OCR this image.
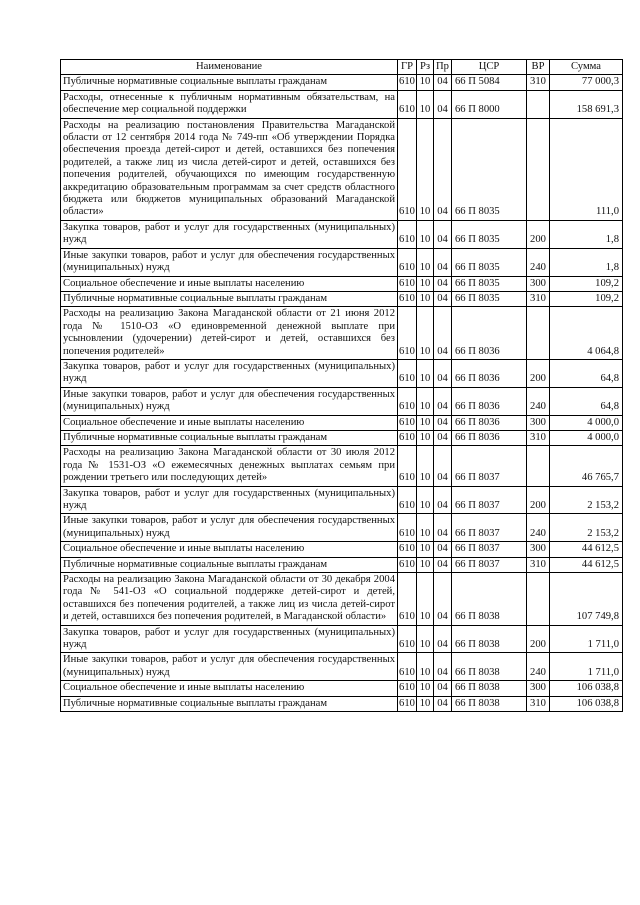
Наименование	ГР	Рз	Пр	ЦСР	ВР	Сумма
Публичные нормативные социальные выплаты гражданам	610	10	04	66 П 5084	310	77 000,3
Расходы, отнесенные к публичным нормативным обязательствам, на обеспечение мер социальной поддержки	610	10	04	66 П 8000		158 691,3
Расходы на реализацию постановления Правительства Магаданской области от 12 сентября 2014 года № 749-пп «Об утверждении Порядка обеспечения проезда детей-сирот и детей, оставшихся без попечения родителей, а также лиц из числа детей-сирот и детей, оставшихся без попечения родителей, обучающихся по имеющим государственную аккредитацию образовательным программам за счет средств областного бюджета или бюджетов муниципальных образований Магаданской области»	610	10	04	66 П 8035		111,0
Закупка товаров, работ и услуг для государственных (муниципальных) нужд	610	10	04	66 П 8035	200	1,8
Иные закупки товаров, работ и услуг для обеспечения государственных (муниципальных) нужд	610	10	04	66 П 8035	240	1,8
Социальное обеспечение и иные выплаты населению	610	10	04	66 П 8035	300	109,2
Публичные нормативные социальные выплаты гражданам	610	10	04	66 П 8035	310	109,2
Расходы на реализацию Закона Магаданской области от 21 июня 2012 года № 1510-ОЗ «О единовременной денежной выплате при усыновлении (удочерении) детей-сирот и детей, оставшихся без попечения родителей»	610	10	04	66 П 8036		4 064,8
Закупка товаров, работ и услуг для государственных (муниципальных) нужд	610	10	04	66 П 8036	200	64,8
Иные закупки товаров, работ и услуг для обеспечения государственных (муниципальных) нужд	610	10	04	66 П 8036	240	64,8
Социальное обеспечение и иные выплаты населению	610	10	04	66 П 8036	300	4 000,0
Публичные нормативные социальные выплаты гражданам	610	10	04	66 П 8036	310	4 000,0
Расходы на реализацию Закона Магаданской области от 30 июля 2012 года № 1531-ОЗ «О ежемесячных денежных выплатах семьям при рождении третьего или последующих детей»	610	10	04	66 П 8037		46 765,7
Закупка товаров, работ и услуг для государственных (муниципальных) нужд	610	10	04	66 П 8037	200	2 153,2
Иные закупки товаров, работ и услуг для обеспечения государственных (муниципальных) нужд	610	10	04	66 П 8037	240	2 153,2
Социальное обеспечение и иные выплаты населению	610	10	04	66 П 8037	300	44 612,5
Публичные нормативные социальные выплаты гражданам	610	10	04	66 П 8037	310	44 612,5
Расходы на реализацию Закона Магаданской области от 30 декабря 2004 года № 541-ОЗ «О социальной поддержке детей-сирот и детей, оставшихся без попечения родителей, а также лиц из числа детей-сирот и детей, оставшихся без попечения родителей, в Магаданской области»	610	10	04	66 П 8038		107 749,8
Закупка товаров, работ и услуг для государственных (муниципальных) нужд	610	10	04	66 П 8038	200	1 711,0
Иные закупки товаров, работ и услуг для обеспечения государственных (муниципальных) нужд	610	10	04	66 П 8038	240	1 711,0
Социальное обеспечение и иные выплаты населению	610	10	04	66 П 8038	300	106 038,8
Публичные нормативные социальные выплаты гражданам	610	10	04	66 П 8038	310	106 038,8
